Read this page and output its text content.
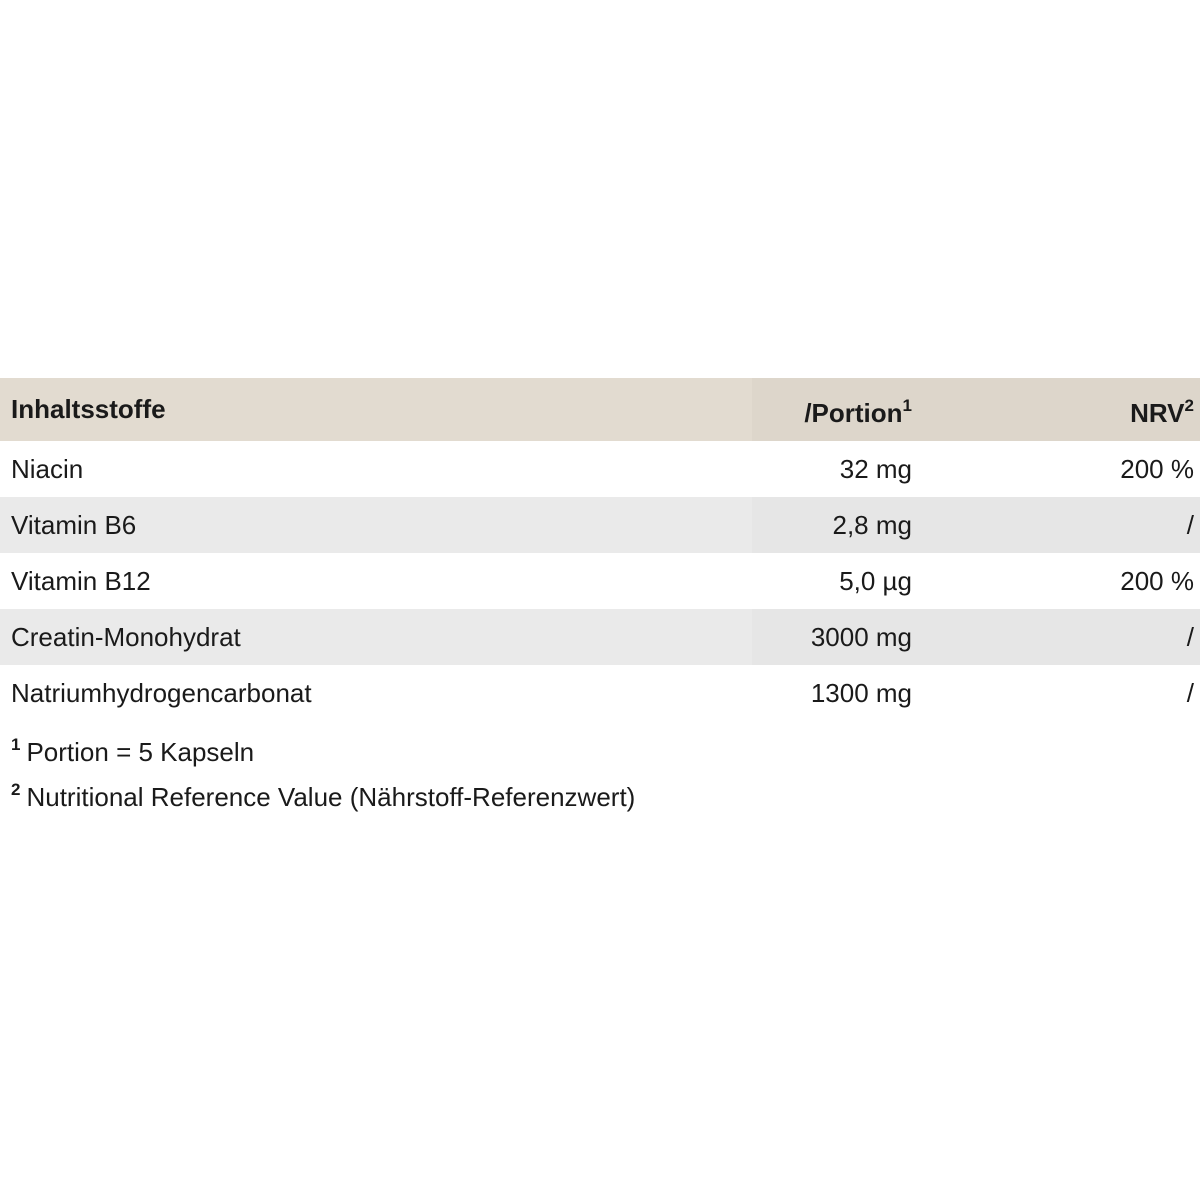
Inhaltsstoffe	/Portion$^1$	NRV$^2$
Niacin	32 mg	200 %
Vitamin B6	2,8 mg	/
Vitamin B12	5,0 µg	200 %
Creatin-Monohydrat	3000 mg	/
Natriumhydrogencarbonat	1300 mg	/
$^1$ Portion = 5 Kapseln
$^2$ Nutritional Reference Value (Nährstoff-Referenzwert)
